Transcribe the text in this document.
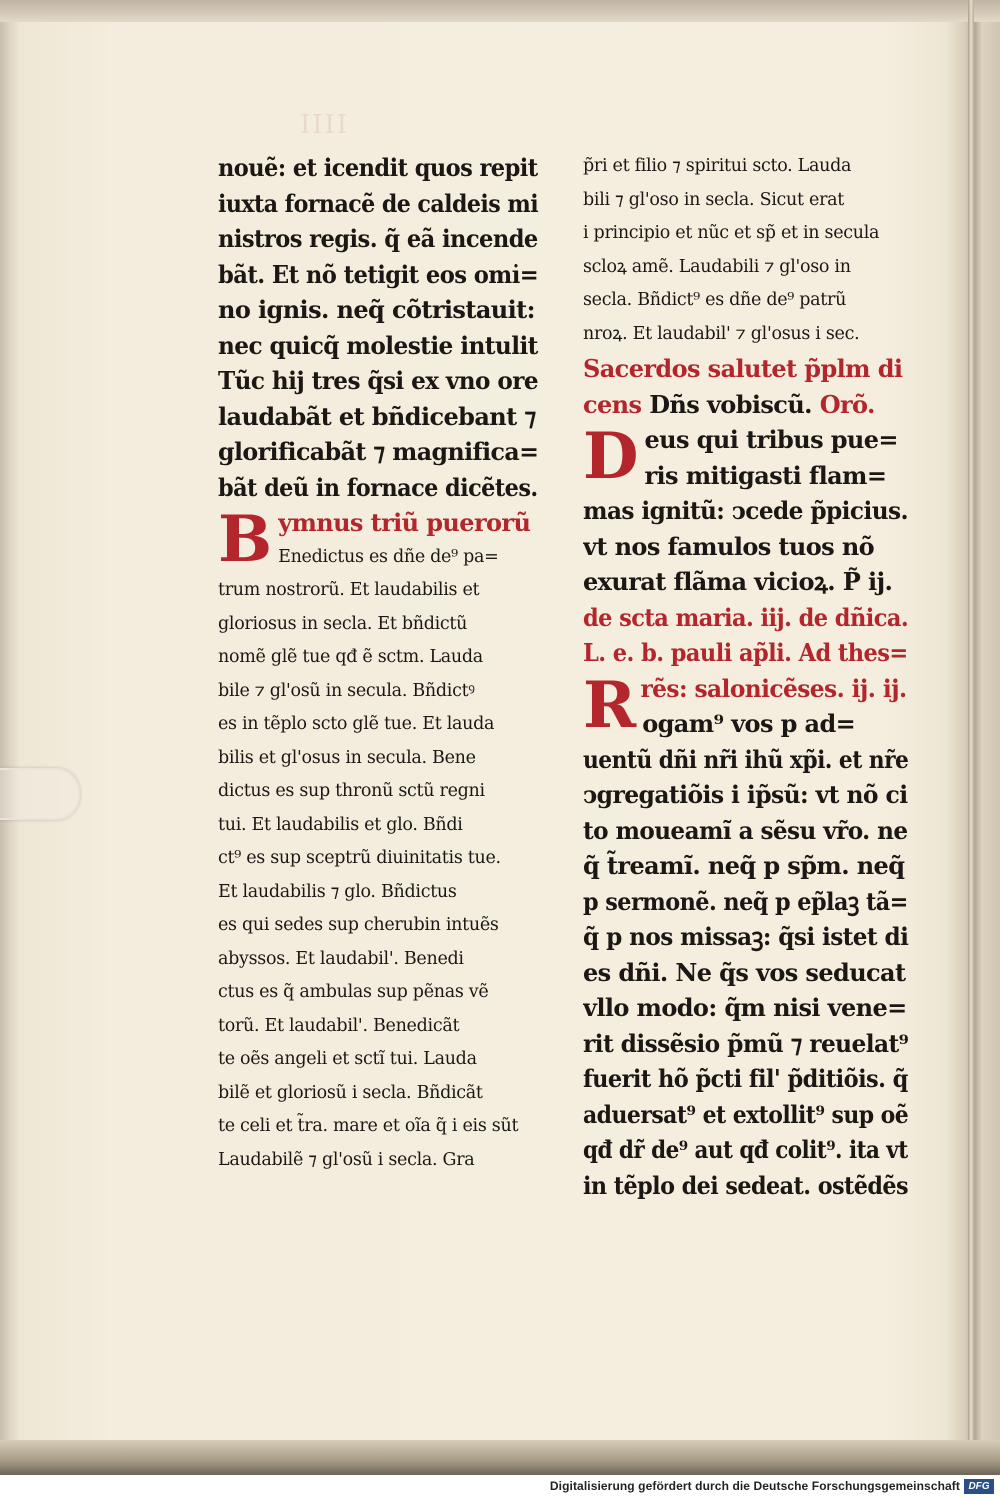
IIII
nouẽ: et icendit quos repit
iuxta fornacẽ de caldeis mi
nistros regis. q̃ eã incende
bãt. Et nõ tetigit eos omi̇=
no ignis. neq̃ cõtristauit:
nec quicq̃ molestie intulit
Tũc hij tres q̃si ex vno ore
laudabãt et bñdicebant ⁊
glorificabãt ⁊ magnifica=
bãt deũ in fornace dicẽtes.
B ymnus triũ puerorũ
Enedictus es dñe de⁹ pa=
trum nostrorũ. Et laudabilis et
gloriosus in secla. Et bñdictũ
nomẽ glẽ tue qđ ẽ sctm. Lauda
bile ⁊ gl'osũ in secula. Bñdictꝰ
es in tẽplo scto glẽ tue. Et lauda
bilis et gl'osus in secula. Bene
dictus es sup thronũ sctũ regni
tui. Et laudabilis et glo. Bñdi
ct⁹ es sup sceptrũ diuinitatis tue.
Et laudabilis ⁊ glo. Bñdictus
es qui sedes sup cherubin intuẽs
abyssos. Et laudabil'. Benedi
ctus es q̃ ambulas sup pẽnas vẽ
torũ. Et laudabil'. Benedicãt
te oẽs angeli et sctĩ tui. Lauda
bilẽ et gloriosũ i secla. Bñdicãt
te celi et t̃ra. mare et oĩa q̃ i eis sũt
Laudabilẽ ⁊ gl'osũ i secla. Gra
p̃ri et filio ⁊ spiritui scto. Lauda
bili ⁊ gl'oso in secla. Sicut erat
i principio et nũc et sp̃ et in secula
scloꝝ amẽ. Laudabili ⁊ gl'oso in
secla. Bñdict⁹ es dñe de⁹ patrũ
nroꝝ. Et laudabil' ⁊ gl'osus i sec.
Sacerdos salutet p̃plm di
cens Dñs vobiscũ. Orõ.
D eus qui tribus pue=
ris mitigasti flam=
mas ignitũ: ↄcede p̃picius.
vt nos famulos tuos nõ
exurat flãma vicioꝝ. P̃ ij.
de scta maria. iij. de dñica.
L. e. b. pauli ap̃li. Ad thes=
R rẽs: salonicẽses. ij. ij.
ogam⁹ vos p ad=
uentũ dñi nr̃i ihũ xp̃i. et nr̃e
ↄgregatiõis i ip̃sũ: vt nõ ci
to moueamĩ a sẽsu vr̃o. ne
q̃ t̃reamĩ. neq̃ p sp̃m. neq̃
p sermonẽ. neq̃ p ep̃laꝫ tã=
q̃ p nos missaꝫ: q̃si istet di
es dñi. Ne q̃s vos seducat
vllo modo: q̃m nisi vene=
rit dissẽsio p̃mũ ⁊ reuelat⁹
fuerit hõ p̃cti fil' p̃ditiõis. q̃
aduersat⁹ et extollit⁹ sup oẽ
qđ dr̃ de⁹ aut qđ colit⁹. ita vt
in tẽplo dei sedeat. ostẽdẽs
Digitalisierung gefördert durch die Deutsche Forschungsgemeinschaft DFG
